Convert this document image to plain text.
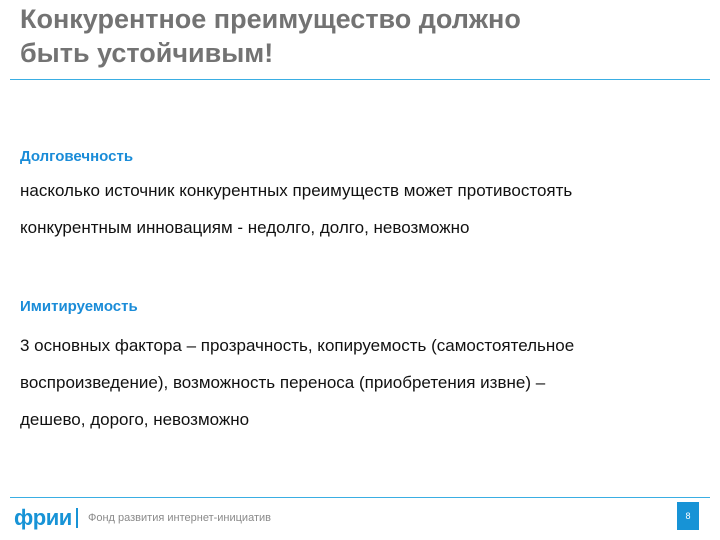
Конкурентное преимущество должно
быть устойчивым!
Долговечность
насколько источник конкурентных преимуществ может противостоять
конкурентным инновациям - недолго, долго, невозможно
Имитируемость
3 основных фактора – прозрачность, копируемость (самостоятельное
воспроизведение), возможность переноса (приобретения извне) –
дешево, дорого, невозможно
фрии Фонд развития интернет-инициатив	8
